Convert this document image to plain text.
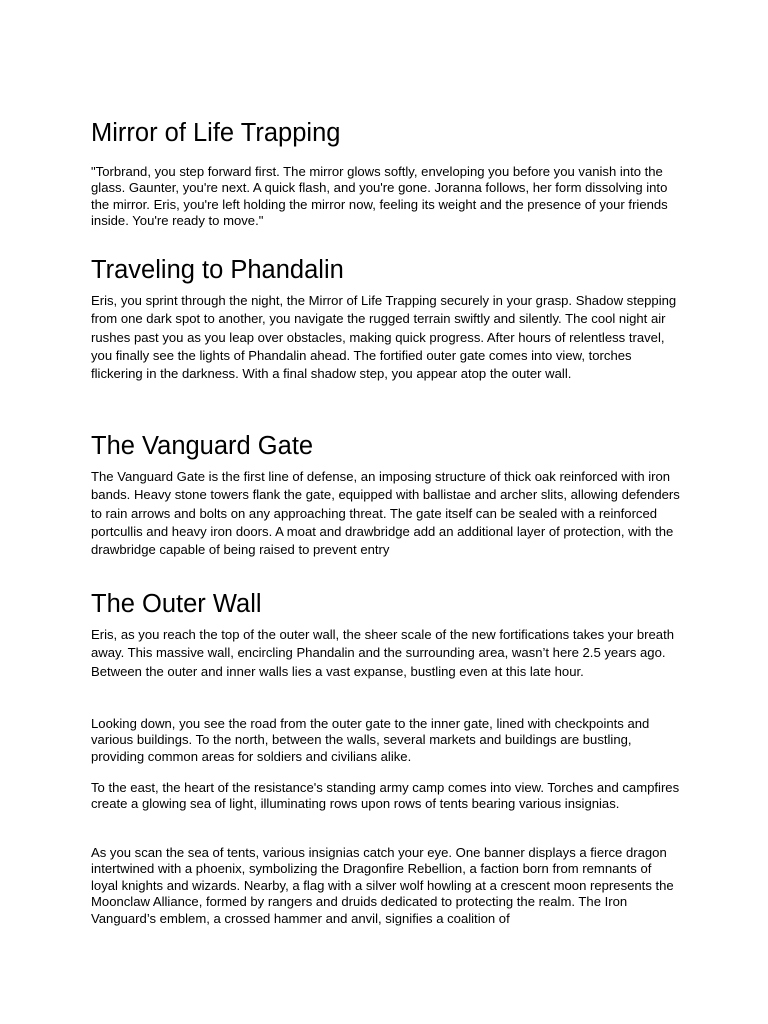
Mirror of Life Trapping

"Torbrand, you step forward first. The mirror glows softly, enveloping you before you vanish into the glass. Gaunter, you're next. A quick flash, and you're gone. Joranna follows, her form dissolving into the mirror. Eris, you're left holding the mirror now, feeling its weight and the presence of your friends inside. You're ready to move."

Traveling to Phandalin

Eris, you sprint through the night, the Mirror of Life Trapping securely in your grasp. Shadow stepping from one dark spot to another, you navigate the rugged terrain swiftly and silently. The cool night air rushes past you as you leap over obstacles, making quick progress. After hours of relentless travel, you finally see the lights of Phandalin ahead. The fortified outer gate comes into view, torches flickering in the darkness. With a final shadow step, you appear atop the outer wall.

The Vanguard Gate

The Vanguard Gate is the first line of defense, an imposing structure of thick oak reinforced with iron bands. Heavy stone towers flank the gate, equipped with ballistae and archer slits, allowing defenders to rain arrows and bolts on any approaching threat. The gate itself can be sealed with a reinforced portcullis and heavy iron doors. A moat and drawbridge add an additional layer of protection, with the drawbridge capable of being raised to prevent entry

The Outer Wall

Eris, as you reach the top of the outer wall, the sheer scale of the new fortifications takes your breath away. This massive wall, encircling Phandalin and the surrounding area, wasn’t here 2.5 years ago. Between the outer and inner walls lies a vast expanse, bustling even at this late hour.

Looking down, you see the road from the outer gate to the inner gate, lined with checkpoints and various buildings. To the north, between the walls, several markets and buildings are bustling, providing common areas for soldiers and civilians alike.

To the east, the heart of the resistance's standing army camp comes into view. Torches and campfires create a glowing sea of light, illuminating rows upon rows of tents bearing various insignias.

As you scan the sea of tents, various insignias catch your eye. One banner displays a fierce dragon intertwined with a phoenix, symbolizing the Dragonfire Rebellion, a faction born from remnants of loyal knights and wizards. Nearby, a flag with a silver wolf howling at a crescent moon represents the Moonclaw Alliance, formed by rangers and druids dedicated to protecting the realm. The Iron Vanguard’s emblem, a crossed hammer and anvil, signifies a coalition of
